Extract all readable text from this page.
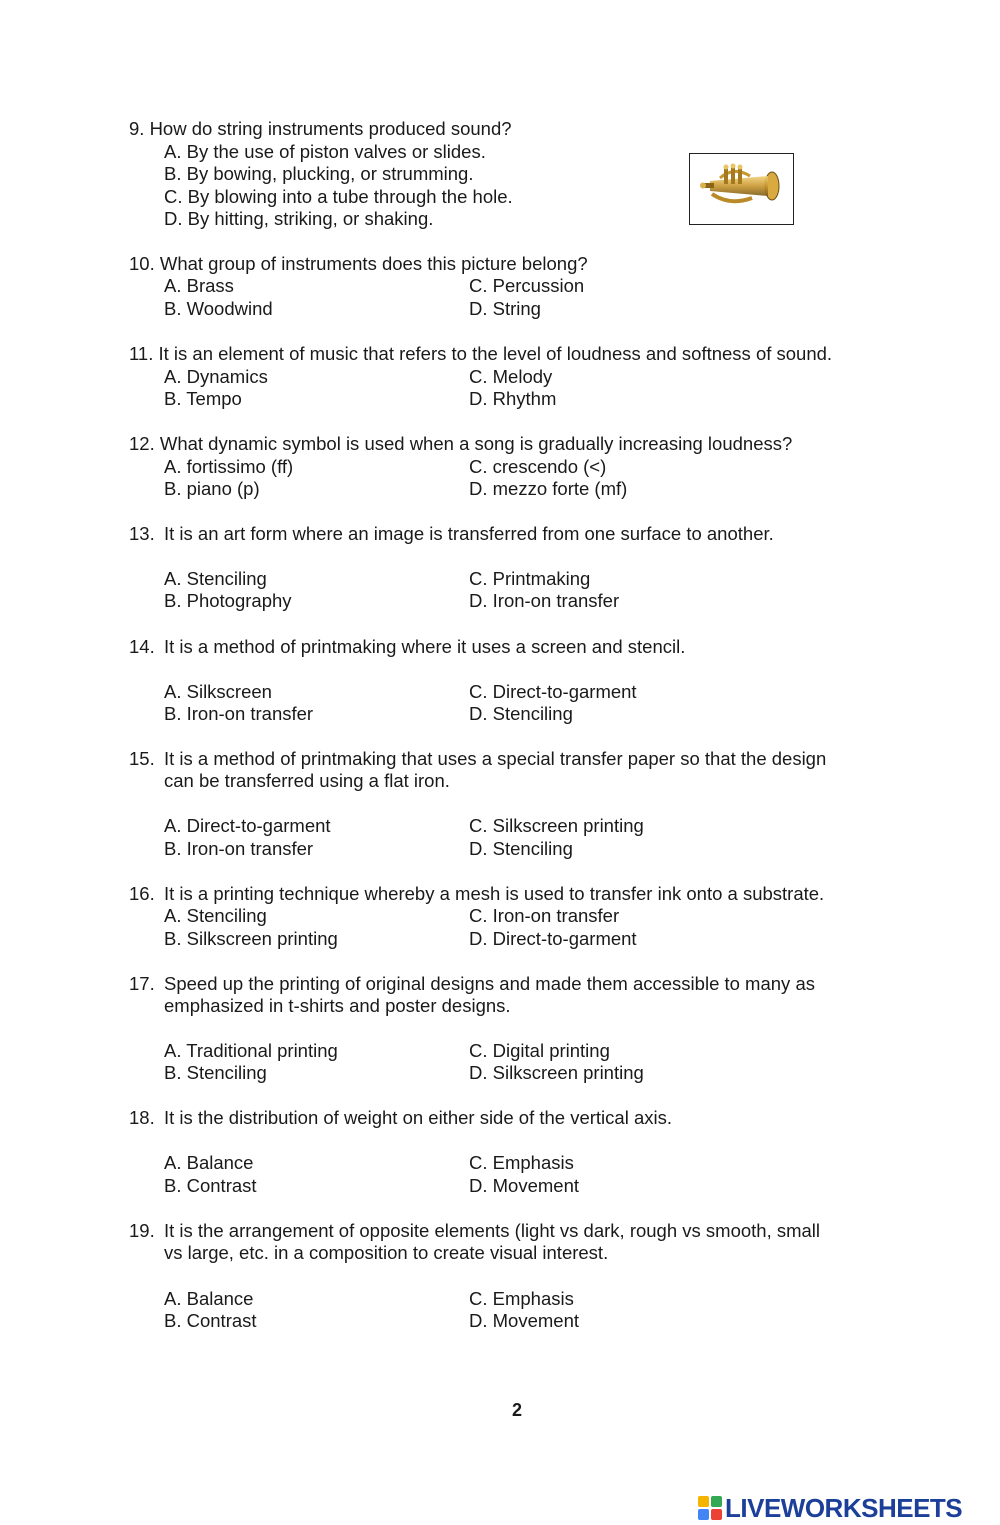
9. How do string instruments produced sound?
A. By the use of piston valves or slides.
B. By bowing, plucking, or strumming.
C. By blowing into a tube through the hole.
D. By hitting, striking, or shaking.
10. What group of instruments does this picture belong?
A. Brass	C. Percussion
B. Woodwind	D. String
11. It is an element of music that refers to the level of loudness and softness of sound.
A. Dynamics	C. Melody
B. Tempo	D. Rhythm
12. What dynamic symbol is used when a song is gradually increasing loudness?
A. fortissimo (ff)	C. crescendo (<)
B. piano (p)	D. mezzo forte (mf)
13. It is an art form where an image is transferred from one surface to another.
A. Stenciling	C. Printmaking
B. Photography	D. Iron-on transfer
14. It is a method of printmaking where it uses a screen and stencil.
A. Silkscreen	C. Direct-to-garment
B. Iron-on transfer	D. Stenciling
15. It is a method of printmaking that uses a special transfer paper so that the design
can be transferred using a flat iron.
A. Direct-to-garment	C. Silkscreen printing
B. Iron-on transfer	D. Stenciling
16. It is a printing technique whereby a mesh is used to transfer ink onto a substrate.
A. Stenciling	C. Iron-on transfer
B. Silkscreen printing	D. Direct-to-garment
17. Speed up the printing of original designs and made them accessible to many as
emphasized in t-shirts and poster designs.
A. Traditional printing	C. Digital printing
B. Stenciling	D. Silkscreen printing
18. It is the distribution of weight on either side of the vertical axis.
A. Balance	C. Emphasis
B. Contrast	D. Movement
19. It is the arrangement of opposite elements (light vs dark, rough vs smooth, small
vs large, etc. in a composition to create visual interest.
A. Balance	C. Emphasis
B. Contrast	D. Movement
2
LIVEWORKSHEETS
